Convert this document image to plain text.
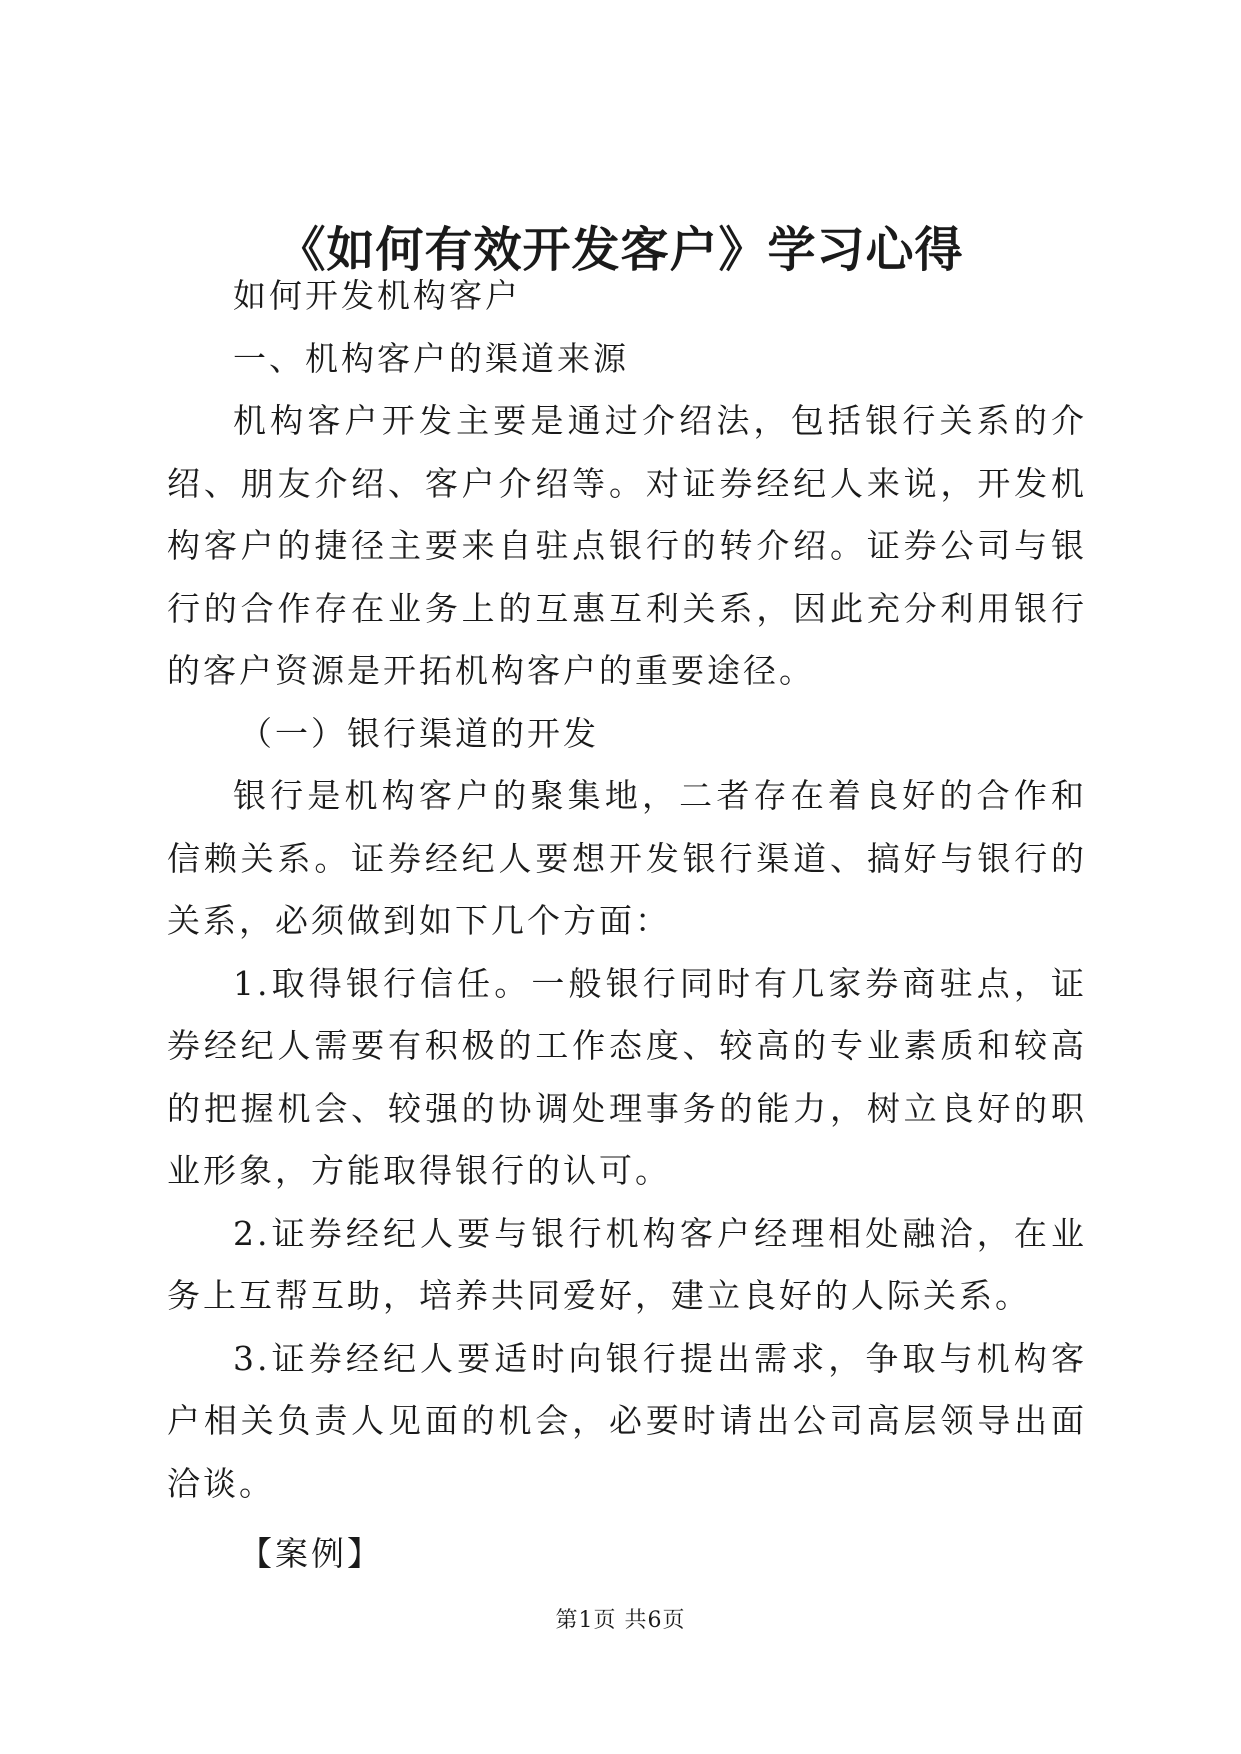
《如何有效开发客户》学习心得

如何开发机构客户

一、机构客户的渠道来源

机构客户开发主要是通过介绍法，包括银行关系的介绍、朋友介绍、客户介绍等。对证券经纪人来说，开发机构客户的捷径主要来自驻点银行的转介绍。证券公司与银行的合作存在业务上的互惠互利关系，因此充分利用银行的客户资源是开拓机构客户的重要途径。

（一）银行渠道的开发

银行是机构客户的聚集地，二者存在着良好的合作和信赖关系。证券经纪人要想开发银行渠道、搞好与银行的关系，必须做到如下几个方面：

1.取得银行信任。一般银行同时有几家券商驻点，证券经纪人需要有积极的工作态度、较高的专业素质和较高的把握机会、较强的协调处理事务的能力，树立良好的职业形象，方能取得银行的认可。

2.证券经纪人要与银行机构客户经理相处融洽，在业务上互帮互助，培养共同爱好，建立良好的人际关系。

3.证券经纪人要适时向银行提出需求，争取与机构客户相关负责人见面的机会，必要时请出公司高层领导出面洽谈。

【案例】

第1页 共6页
